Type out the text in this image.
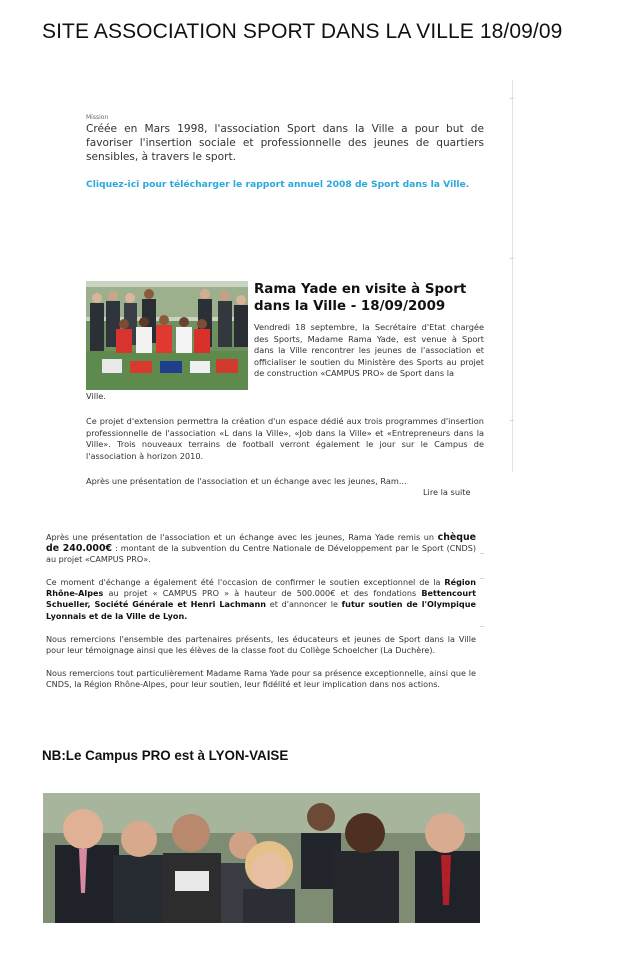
SITE ASSOCIATION SPORT DANS LA VILLE 18/09/09
Mission

Créée en Mars 1998, l'association Sport dans la Ville a pour but de favoriser l'insertion sociale et professionnelle des jeunes de quartiers sensibles, à travers le sport.

Cliquez-ici pour télécharger le rapport annuel 2008 de Sport dans la Ville.

Rama Yade en visite à Sport dans la Ville - 18/09/2009

Vendredi 18 septembre, la Secrétaire d'Etat chargée des Sports, Madame Rama Yade, est venue à Sport dans la Ville rencontrer les jeunes de l'association et officialiser le soutien du Ministère des Sports au projet de construction «CAMPUS PRO» de Sport dans la

Ville.

Ce projet d'extension permettra la création d'un espace dédié aux trois programmes d'insertion professionnelle de l'association «L dans la Ville», «Job dans la Ville» et «Entrepreneurs dans la Ville». Trois nouveaux terrains de football verront également le jour sur le Campus de l'association à horizon 2010.

Après une présentation de l'association et un échange avec les jeunes, Ram...

Lire la suite

Après une présentation de l'association et un échange avec les jeunes, Rama Yade remis un chèque de 240.000€ : montant de la subvention du Centre Nationale de Développement par le Sport (CNDS) au projet «CAMPUS PRO».

Ce moment d'échange a également été l'occasion de confirmer le soutien exceptionnel de la Région Rhône-Alpes au projet « CAMPUS PRO » à hauteur de 500.000€ et des fondations Bettencourt Schueller, Société Générale et Henri Lachmann et d'annoncer le futur soutien de l'Olympique Lyonnais et de la Ville de Lyon.

Nous remercions l'ensemble des partenaires présents, les éducateurs et jeunes de Sport dans la Ville pour leur témoignage ainsi que les élèves de la classe foot du Collège Schoelcher (La Duchère).

Nous remercions tout particulièrement Madame Rama Yade pour sa présence exceptionnelle, ainsi que le CNDS, la Région Rhône-Alpes, pour leur soutien, leur fidélité et leur implication dans nos actions.

NB:Le Campus PRO est à LYON-VAISE
